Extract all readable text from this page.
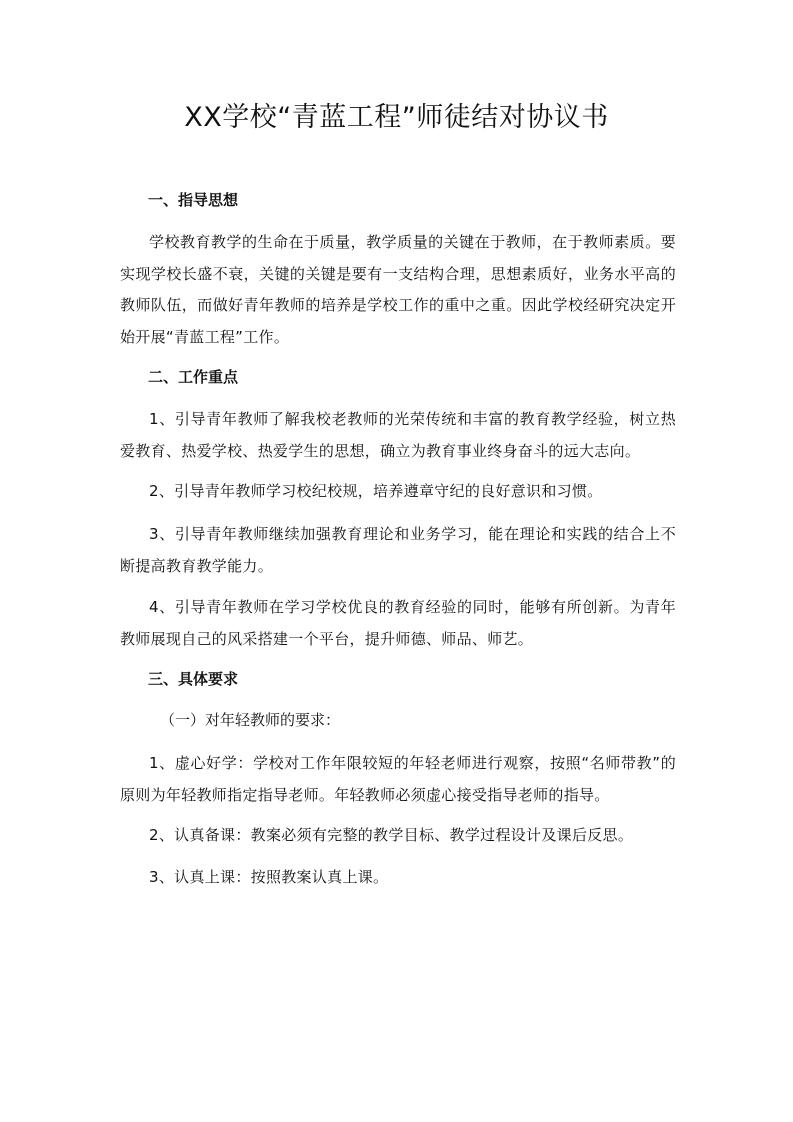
XX学校“青蓝工程”师徒结对协议书
一、指导思想

学校教育教学的生命在于质量，教学质量的关键在于教师，在于教师素质。要实现学校长盛不衰，关键的关键是要有一支结构合理，思想素质好，业务水平高的教师队伍，而做好青年教师的培养是学校工作的重中之重。因此学校经研究决定开始开展“青蓝工程”工作。

二、工作重点

1、引导青年教师了解我校老教师的光荣传统和丰富的教育教学经验，树立热爱教育、热爱学校、热爱学生的思想，确立为教育事业终身奋斗的远大志向。

2、引导青年教师学习校纪校规，培养遵章守纪的良好意识和习惯。

3、引导青年教师继续加强教育理论和业务学习，能在理论和实践的结合上不断提高教育教学能力。

4、引导青年教师在学习学校优良的教育经验的同时，能够有所创新。为青年教师展现自己的风采搭建一个平台，提升师德、师品、师艺。

三、具体要求
（一）对年轻教师的要求：

1、虚心好学：学校对工作年限较短的年轻老师进行观察，按照“名师带教”的原则为年轻教师指定指导老师。年轻教师必须虚心接受指导老师的指导。

2、认真备课：教案必须有完整的教学目标、教学过程设计及课后反思。

3、认真上课：按照教案认真上课。
